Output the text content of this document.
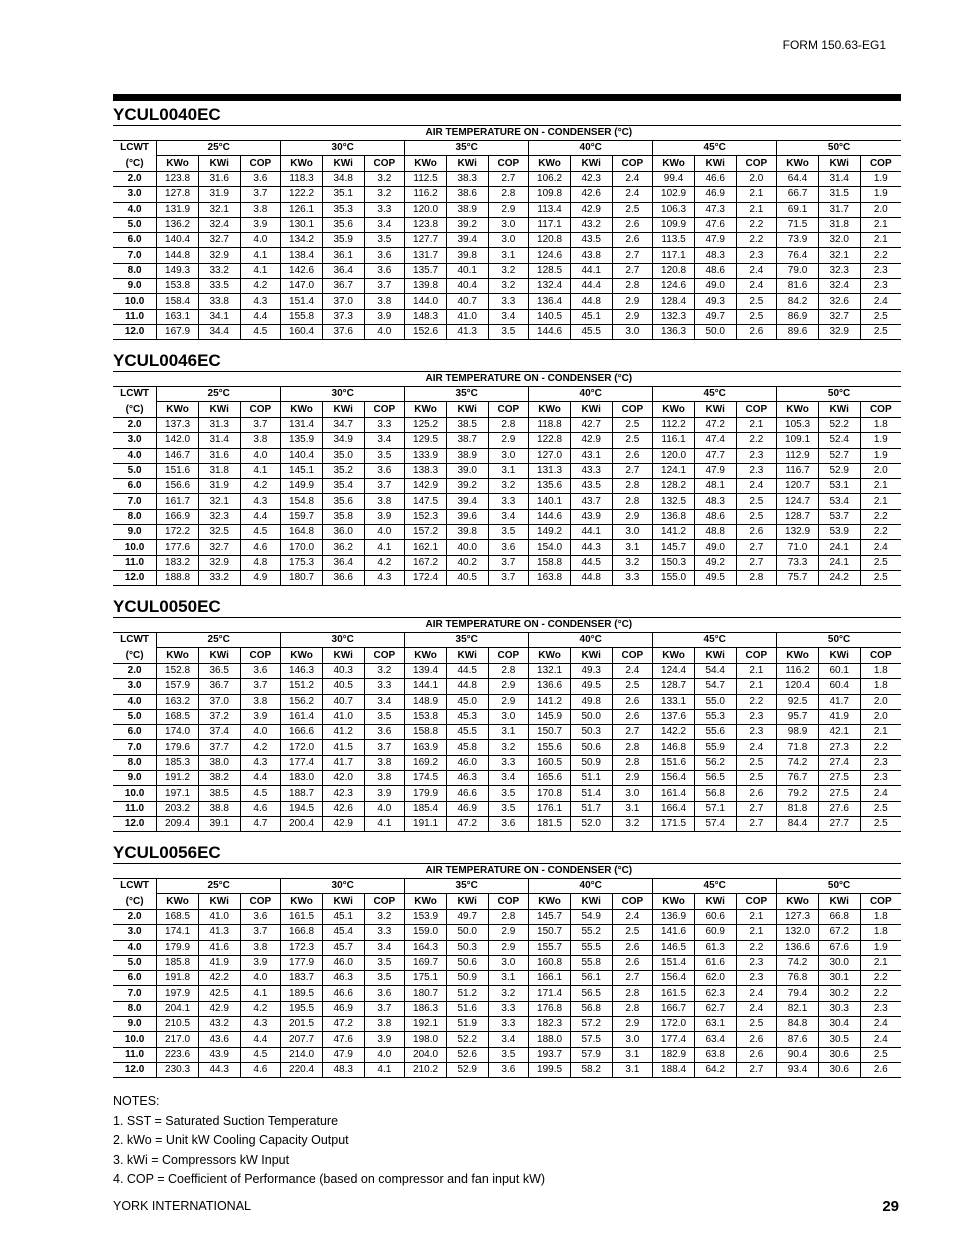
FORM 150.63-EG1
YCUL0040EC
	AIR TEMPERATURE ON - CONDENSER (°C)																	
LCWT	25°C			30°C			35°C			40°C			45°C			50°C		
(°C)	KWo	KWi	COP	KWo	KWi	COP	KWo	KWi	COP	KWo	KWi	COP	KWo	KWi	COP	KWo	KWi	COP
2.0	123.8	31.6	3.6	118.3	34.8	3.2	112.5	38.3	2.7	106.2	42.3	2.4	99.4	46.6	2.0	64.4	31.4	1.9
3.0	127.8	31.9	3.7	122.2	35.1	3.2	116.2	38.6	2.8	109.8	42.6	2.4	102.9	46.9	2.1	66.7	31.5	1.9
4.0	131.9	32.1	3.8	126.1	35.3	3.3	120.0	38.9	2.9	113.4	42.9	2.5	106.3	47.3	2.1	69.1	31.7	2.0
5.0	136.2	32.4	3.9	130.1	35.6	3.4	123.8	39.2	3.0	117.1	43.2	2.6	109.9	47.6	2.2	71.5	31.8	2.1
6.0	140.4	32.7	4.0	134.2	35.9	3.5	127.7	39.4	3.0	120.8	43.5	2.6	113.5	47.9	2.2	73.9	32.0	2.1
7.0	144.8	32.9	4.1	138.4	36.1	3.6	131.7	39.8	3.1	124.6	43.8	2.7	117.1	48.3	2.3	76.4	32.1	2.2
8.0	149.3	33.2	4.1	142.6	36.4	3.6	135.7	40.1	3.2	128.5	44.1	2.7	120.8	48.6	2.4	79.0	32.3	2.3
9.0	153.8	33.5	4.2	147.0	36.7	3.7	139.8	40.4	3.2	132.4	44.4	2.8	124.6	49.0	2.4	81.6	32.4	2.3
10.0	158.4	33.8	4.3	151.4	37.0	3.8	144.0	40.7	3.3	136.4	44.8	2.9	128.4	49.3	2.5	84.2	32.6	2.4
11.0	163.1	34.1	4.4	155.8	37.3	3.9	148.3	41.0	3.4	140.5	45.1	2.9	132.3	49.7	2.5	86.9	32.7	2.5
12.0	167.9	34.4	4.5	160.4	37.6	4.0	152.6	41.3	3.5	144.6	45.5	3.0	136.3	50.0	2.6	89.6	32.9	2.5
YCUL0046EC
	AIR TEMPERATURE ON - CONDENSER (°C)																	
LCWT	25°C			30°C			35°C			40°C			45°C			50°C		
(°C)	KWo	KWi	COP	KWo	KWi	COP	KWo	KWi	COP	KWo	KWi	COP	KWo	KWi	COP	KWo	KWi	COP
2.0	137.3	31.3	3.7	131.4	34.7	3.3	125.2	38.5	2.8	118.8	42.7	2.5	112.2	47.2	2.1	105.3	52.2	1.8
3.0	142.0	31.4	3.8	135.9	34.9	3.4	129.5	38.7	2.9	122.8	42.9	2.5	116.1	47.4	2.2	109.1	52.4	1.9
4.0	146.7	31.6	4.0	140.4	35.0	3.5	133.9	38.9	3.0	127.0	43.1	2.6	120.0	47.7	2.3	112.9	52.7	1.9
5.0	151.6	31.8	4.1	145.1	35.2	3.6	138.3	39.0	3.1	131.3	43.3	2.7	124.1	47.9	2.3	116.7	52.9	2.0
6.0	156.6	31.9	4.2	149.9	35.4	3.7	142.9	39.2	3.2	135.6	43.5	2.8	128.2	48.1	2.4	120.7	53.1	2.1
7.0	161.7	32.1	4.3	154.8	35.6	3.8	147.5	39.4	3.3	140.1	43.7	2.8	132.5	48.3	2.5	124.7	53.4	2.1
8.0	166.9	32.3	4.4	159.7	35.8	3.9	152.3	39.6	3.4	144.6	43.9	2.9	136.8	48.6	2.5	128.7	53.7	2.2
9.0	172.2	32.5	4.5	164.8	36.0	4.0	157.2	39.8	3.5	149.2	44.1	3.0	141.2	48.8	2.6	132.9	53.9	2.2
10.0	177.6	32.7	4.6	170.0	36.2	4.1	162.1	40.0	3.6	154.0	44.3	3.1	145.7	49.0	2.7	71.0	24.1	2.4
11.0	183.2	32.9	4.8	175.3	36.4	4.2	167.2	40.2	3.7	158.8	44.5	3.2	150.3	49.2	2.7	73.3	24.1	2.5
12.0	188.8	33.2	4.9	180.7	36.6	4.3	172.4	40.5	3.7	163.8	44.8	3.3	155.0	49.5	2.8	75.7	24.2	2.5
YCUL0050EC
	AIR TEMPERATURE ON - CONDENSER (°C)																	
LCWT	25°C			30°C			35°C			40°C			45°C			50°C		
(°C)	KWo	KWi	COP	KWo	KWi	COP	KWo	KWi	COP	KWo	KWi	COP	KWo	KWi	COP	KWo	KWi	COP
2.0	152.8	36.5	3.6	146.3	40.3	3.2	139.4	44.5	2.8	132.1	49.3	2.4	124.4	54.4	2.1	116.2	60.1	1.8
3.0	157.9	36.7	3.7	151.2	40.5	3.3	144.1	44.8	2.9	136.6	49.5	2.5	128.7	54.7	2.1	120.4	60.4	1.8
4.0	163.2	37.0	3.8	156.2	40.7	3.4	148.9	45.0	2.9	141.2	49.8	2.6	133.1	55.0	2.2	92.5	41.7	2.0
5.0	168.5	37.2	3.9	161.4	41.0	3.5	153.8	45.3	3.0	145.9	50.0	2.6	137.6	55.3	2.3	95.7	41.9	2.0
6.0	174.0	37.4	4.0	166.6	41.2	3.6	158.8	45.5	3.1	150.7	50.3	2.7	142.2	55.6	2.3	98.9	42.1	2.1
7.0	179.6	37.7	4.2	172.0	41.5	3.7	163.9	45.8	3.2	155.6	50.6	2.8	146.8	55.9	2.4	71.8	27.3	2.2
8.0	185.3	38.0	4.3	177.4	41.7	3.8	169.2	46.0	3.3	160.5	50.9	2.8	151.6	56.2	2.5	74.2	27.4	2.3
9.0	191.2	38.2	4.4	183.0	42.0	3.8	174.5	46.3	3.4	165.6	51.1	2.9	156.4	56.5	2.5	76.7	27.5	2.3
10.0	197.1	38.5	4.5	188.7	42.3	3.9	179.9	46.6	3.5	170.8	51.4	3.0	161.4	56.8	2.6	79.2	27.5	2.4
11.0	203.2	38.8	4.6	194.5	42.6	4.0	185.4	46.9	3.5	176.1	51.7	3.1	166.4	57.1	2.7	81.8	27.6	2.5
12.0	209.4	39.1	4.7	200.4	42.9	4.1	191.1	47.2	3.6	181.5	52.0	3.2	171.5	57.4	2.7	84.4	27.7	2.5
YCUL0056EC
	AIR TEMPERATURE ON - CONDENSER (°C)																	
LCWT	25°C			30°C			35°C			40°C			45°C			50°C		
(°C)	KWo	KWi	COP	KWo	KWi	COP	KWo	KWi	COP	KWo	KWi	COP	KWo	KWi	COP	KWo	KWi	COP
2.0	168.5	41.0	3.6	161.5	45.1	3.2	153.9	49.7	2.8	145.7	54.9	2.4	136.9	60.6	2.1	127.3	66.8	1.8
3.0	174.1	41.3	3.7	166.8	45.4	3.3	159.0	50.0	2.9	150.7	55.2	2.5	141.6	60.9	2.1	132.0	67.2	1.8
4.0	179.9	41.6	3.8	172.3	45.7	3.4	164.3	50.3	2.9	155.7	55.5	2.6	146.5	61.3	2.2	136.6	67.6	1.9
5.0	185.8	41.9	3.9	177.9	46.0	3.5	169.7	50.6	3.0	160.8	55.8	2.6	151.4	61.6	2.3	74.2	30.0	2.1
6.0	191.8	42.2	4.0	183.7	46.3	3.5	175.1	50.9	3.1	166.1	56.1	2.7	156.4	62.0	2.3	76.8	30.1	2.2
7.0	197.9	42.5	4.1	189.5	46.6	3.6	180.7	51.2	3.2	171.4	56.5	2.8	161.5	62.3	2.4	79.4	30.2	2.2
8.0	204.1	42.9	4.2	195.5	46.9	3.7	186.3	51.6	3.3	176.8	56.8	2.8	166.7	62.7	2.4	82.1	30.3	2.3
9.0	210.5	43.2	4.3	201.5	47.2	3.8	192.1	51.9	3.3	182.3	57.2	2.9	172.0	63.1	2.5	84.8	30.4	2.4
10.0	217.0	43.6	4.4	207.7	47.6	3.9	198.0	52.2	3.4	188.0	57.5	3.0	177.4	63.4	2.6	87.6	30.5	2.4
11.0	223.6	43.9	4.5	214.0	47.9	4.0	204.0	52.6	3.5	193.7	57.9	3.1	182.9	63.8	2.6	90.4	30.6	2.5
12.0	230.3	44.3	4.6	220.4	48.3	4.1	210.2	52.9	3.6	199.5	58.2	3.1	188.4	64.2	2.7	93.4	30.6	2.6
NOTES:
1. SST = Saturated Suction Temperature
2. kWo = Unit kW Cooling Capacity Output
3. kWi = Compressors kW Input
4. COP = Coefficient of Performance (based on compressor and fan input kW)
YORK INTERNATIONAL	29
